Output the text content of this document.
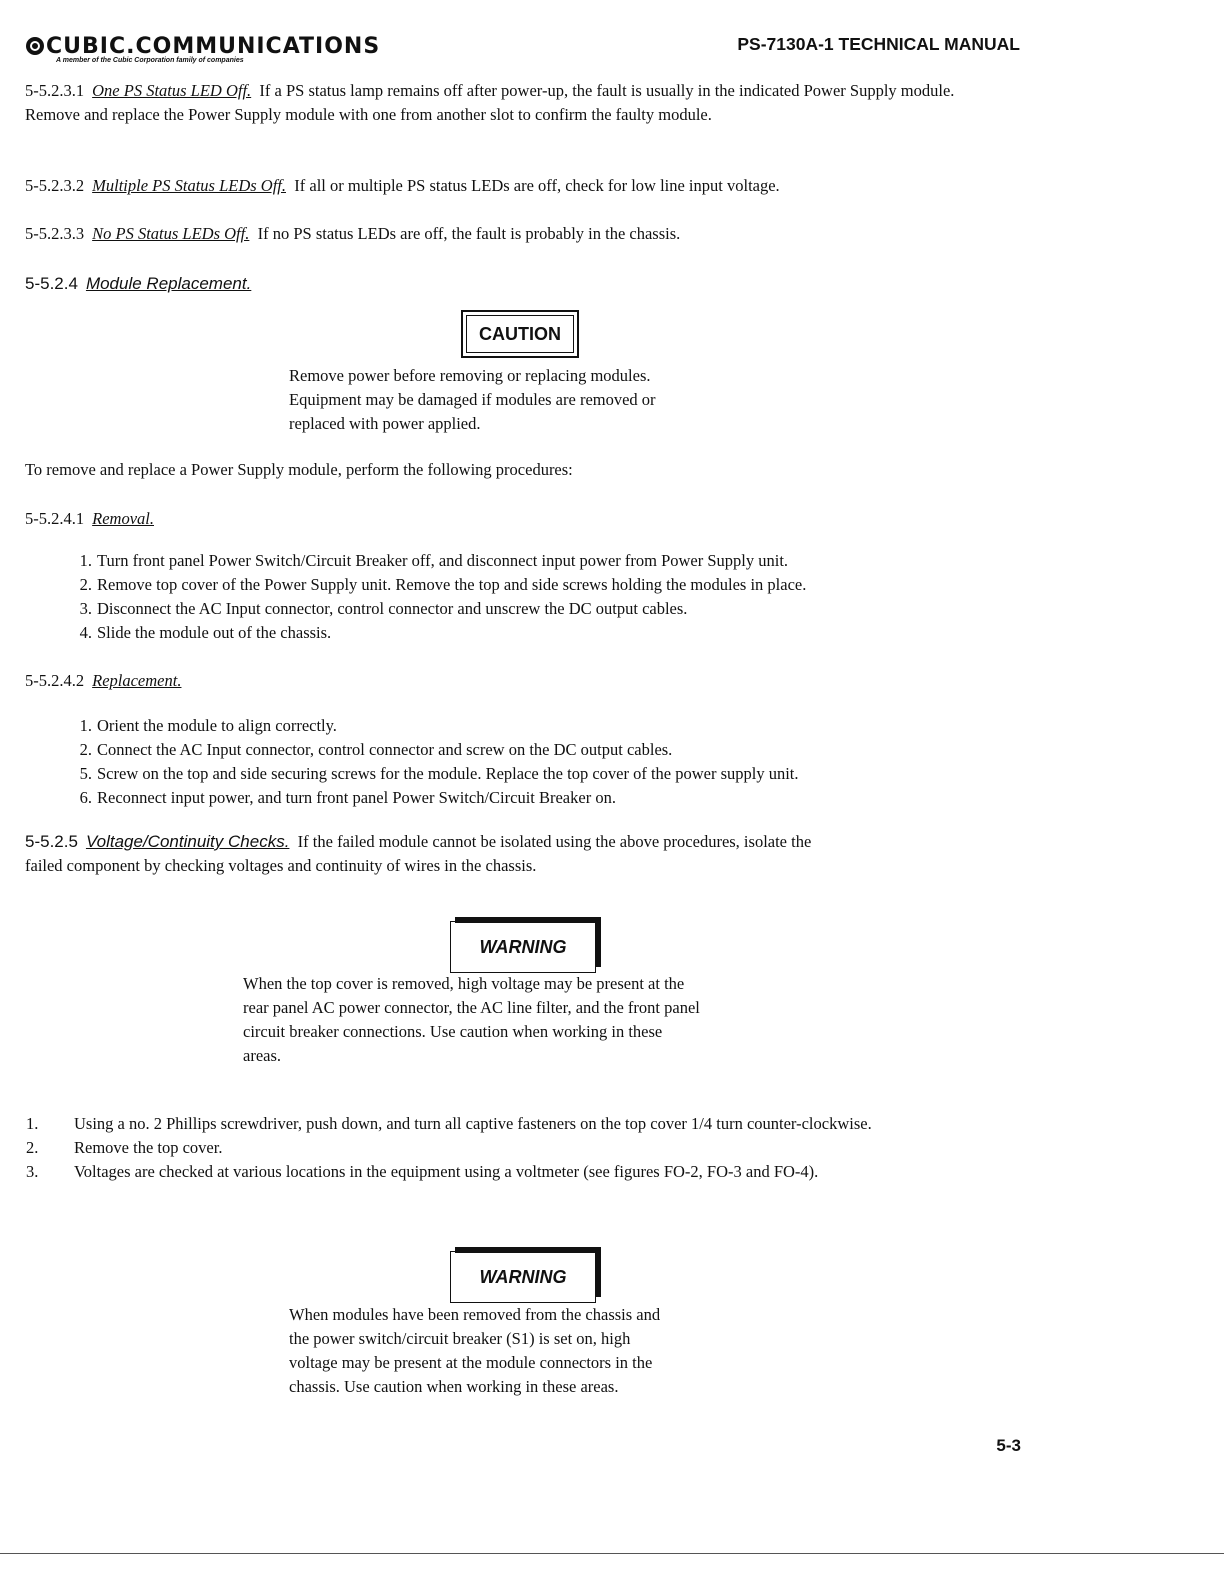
CUBIC.COMMUNICATIONS
A member of the Cubic Corporation family of companies
PS-7130A-1 TECHNICAL MANUAL
5-5.2.3.1 One PS Status LED Off. If a PS status lamp remains off after power-up, the fault is usually in the indicated Power Supply module. Remove and replace the Power Supply module with one from another slot to confirm the faulty module.
5-5.2.3.2 Multiple PS Status LEDs Off. If all or multiple PS status LEDs are off, check for low line input voltage.
5-5.2.3.3 No PS Status LEDs Off. If no PS status LEDs are off, the fault is probably in the chassis.
5-5.2.4 Module Replacement.
CAUTION
Remove power before removing or replacing modules.
Equipment may be damaged if modules are removed or
replaced with power applied.
To remove and replace a Power Supply module, perform the following procedures:
5-5.2.4.1 Removal.
1. Turn front panel Power Switch/Circuit Breaker off, and disconnect input power from Power Supply unit.
2. Remove top cover of the Power Supply unit. Remove the top and side screws holding the modules in place.
3. Disconnect the AC Input connector, control connector and unscrew the DC output cables.
4. Slide the module out of the chassis.
5-5.2.4.2 Replacement.
1. Orient the module to align correctly.
2. Connect the AC Input connector, control connector and screw on the DC output cables.
5. Screw on the top and side securing screws for the module. Replace the top cover of the power supply unit.
6. Reconnect input power, and turn front panel Power Switch/Circuit Breaker on.
5-5.2.5 Voltage/Continuity Checks. If the failed module cannot be isolated using the above procedures, isolate the
failed component by checking voltages and continuity of wires in the chassis.
WARNING
When the top cover is removed, high voltage may be present at the
rear panel AC power connector, the AC line filter, and the front panel
circuit breaker connections. Use caution when working in these
areas.
1. Using a no. 2 Phillips screwdriver, push down, and turn all captive fasteners on the top cover 1/4 turn counter-clockwise.
2. Remove the top cover.
3. Voltages are checked at various locations in the equipment using a voltmeter (see figures FO-2, FO-3 and FO-4).
WARNING
When modules have been removed from the chassis and
the power switch/circuit breaker (S1) is set on, high
voltage may be present at the module connectors in the
chassis. Use caution when working in these areas.
5-3
